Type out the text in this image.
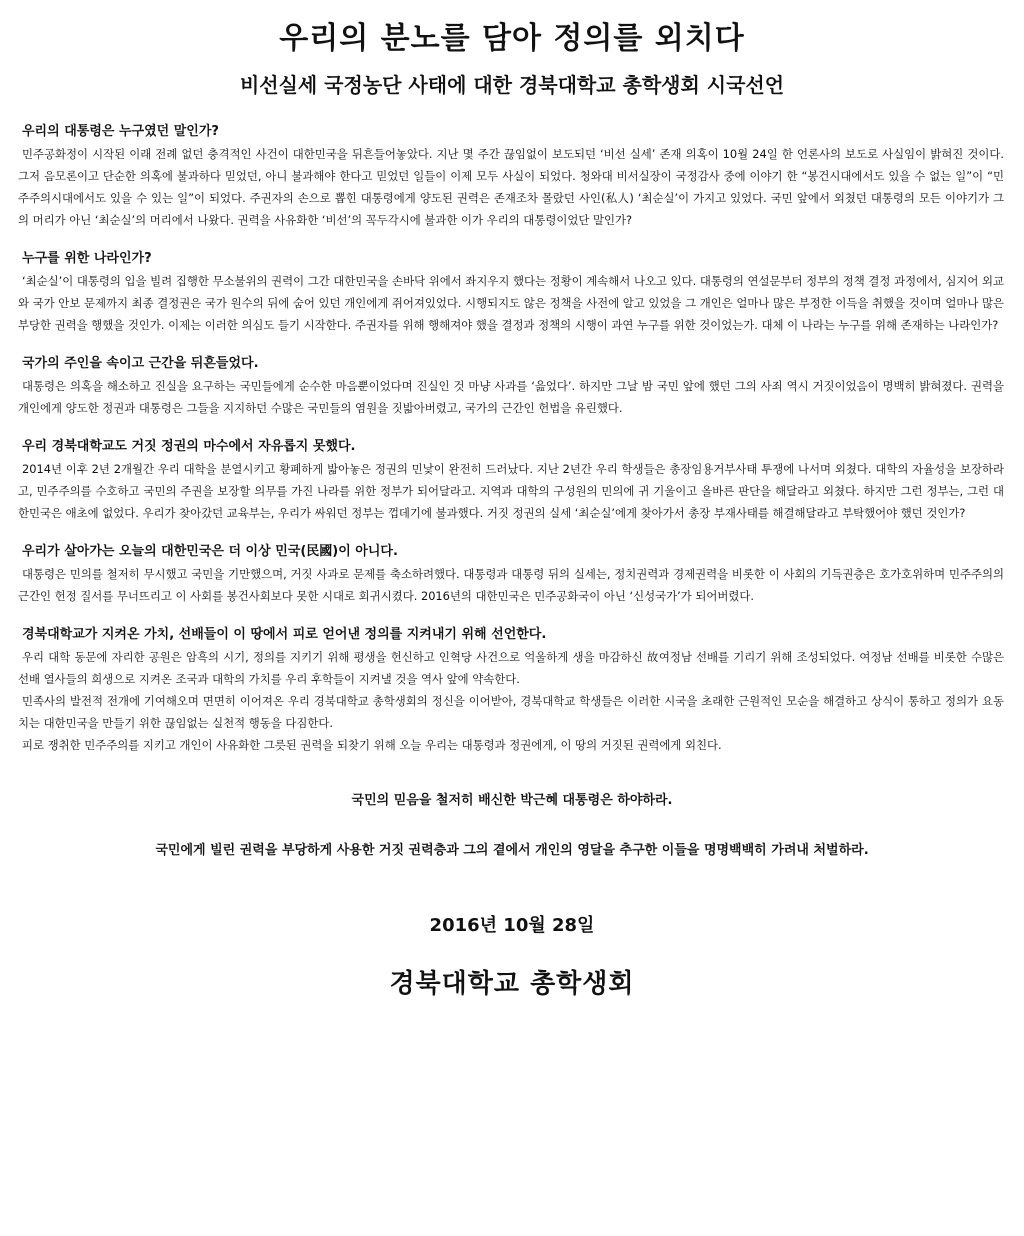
우리의 분노를 담아 정의를 외치다
비선실세 국정농단 사태에 대한 경북대학교 총학생회 시국선언
우리의 대통령은 누구였던 말인가?

민주공화정이 시작된 이래 전례 없던 충격적인 사건이 대한민국을 뒤흔들어놓았다. 지난 몇 주간 끊임없이 보도되던 ‘비선 실세’ 존재 의혹이 10월 24일 한 언론사의 보도로 사실임이 밝혀진 것이다. 그저 음모론이고 단순한 의혹에 불과하다 믿었던, 아니 불과해야 한다고 믿었던 일들이 이제 모두 사실이 되었다. 청와대 비서실장이 국정감사 중에 이야기 한 “봉건시대에서도 있을 수 없는 일”이 “민주주의시대에서도 있을 수 있는 일”이 되었다. 주권자의 손으로 뽑힌 대통령에게 양도된 권력은 존재조차 몰랐던 사인(私人) ‘최순실’이 가지고 있었다. 국민 앞에서 외쳤던 대통령의 모든 이야기가 그의 머리가 아닌 ‘최순실’의 머리에서 나왔다. 권력을 사유화한 ‘비선’의 꼭두각시에 불과한 이가 우리의 대통령이었단 말인가?

누구를 위한 나라인가?

‘최순실’이 대통령의 입을 빌려 집행한 무소불위의 권력이 그간 대한민국을 손바닥 위에서 좌지우지 했다는 정황이 계속해서 나오고 있다. 대통령의 연설문부터 정부의 정책 결정 과정에서, 심지어 외교와 국가 안보 문제까지 최종 결정권은 국가 원수의 뒤에 숨어 있던 개인에게 쥐어져있었다. 시행되지도 않은 정책을 사전에 알고 있었을 그 개인은 얼마나 많은 부정한 이득을 취했을 것이며 얼마나 많은 부당한 권력을 행했을 것인가. 이제는 이러한 의심도 들기 시작한다. 주권자를 위해 행해져야 했을 결정과 정책의 시행이 과연 누구를 위한 것이었는가. 대체 이 나라는 누구를 위해 존재하는 나라인가?

국가의 주인을 속이고 근간을 뒤흔들었다.

대통령은 의혹을 해소하고 진실을 요구하는 국민들에게 순수한 마음뿐이었다며 진실인 것 마냥 사과를 ‘읊었다’. 하지만 그날 밤 국민 앞에 했던 그의 사죄 역시 거짓이었음이 명백히 밝혀졌다. 권력을 개인에게 양도한 정권과 대통령은 그들을 지지하던 수많은 국민들의 염원을 짓밟아버렸고, 국가의 근간인 헌법을 유린했다.

우리 경북대학교도 거짓 정권의 마수에서 자유롭지 못했다.

2014년 이후 2년 2개월간 우리 대학을 분열시키고 황폐하게 밟아놓은 정권의 민낯이 완전히 드러났다. 지난 2년간 우리 학생들은 총장임용거부사태 투쟁에 나서며 외쳤다. 대학의 자율성을 보장하라고, 민주주의를 수호하고 국민의 주권을 보장할 의무를 가진 나라를 위한 정부가 되어달라고. 지역과 대학의 구성원의 민의에 귀 기울이고 올바른 판단을 해달라고 외쳤다. 하지만 그런 정부는, 그런 대한민국은 애초에 없었다. 우리가 찾아갔던 교육부는, 우리가 싸워던 정부는 껍데기에 불과했다. 거짓 정권의 실세 ‘최순실’에게 찾아가서 총장 부재사태를 해결해달라고 부탁했어야 했던 것인가?

우리가 살아가는 오늘의 대한민국은 더 이상 민국(民國)이 아니다.

대통령은 민의를 철저히 무시했고 국민을 기만했으며, 거짓 사과로 문제를 축소하려했다. 대통령과 대통령 뒤의 실세는, 정치권력과 경제권력을 비롯한 이 사회의 기득권층은 호가호위하며 민주주의의 근간인 헌정 질서를 무너뜨리고 이 사회를 봉건사회보다 못한 시대로 회귀시켰다. 2016년의 대한민국은 민주공화국이 아닌 ‘신성국가’가 되어버렸다.

경북대학교가 지켜온 가치, 선배들이 이 땅에서 피로 얻어낸 정의를 지켜내기 위해 선언한다.

우리 대학 동문에 자리한 공원은 암흑의 시기, 정의를 지키기 위해 평생을 헌신하고 인혁당 사건으로 억울하게 생을 마감하신 故여정남 선배를 기리기 위해 조성되었다. 여정남 선배를 비롯한 수많은 선배 열사들의 희생으로 지켜온 조국과 대학의 가치를 우리 후학들이 지켜낼 것을 역사 앞에 약속한다.

민족사의 발전적 전개에 기여해오며 면면히 이어져온 우리 경북대학교 총학생회의 정신을 이어받아, 경북대학교 학생들은 이러한 시국을 초래한 근원적인 모순을 해결하고 상식이 통하고 정의가 요동치는 대한민국을 만들기 위한 끊임없는 실천적 행동을 다짐한다.

피로 쟁취한 민주주의를 지키고 개인이 사유화한 그릇된 권력을 되찾기 위해 오늘 우리는 대통령과 정권에게, 이 땅의 거짓된 권력에게 외친다.

국민의 믿음을 철저히 배신한 박근혜 대통령은 하야하라.
국민에게 빌린 권력을 부당하게 사용한 거짓 권력층과 그의 곁에서 개인의 영달을 추구한 이들을 명명백백히 가려내 처벌하라.
2016년 10월 28일
경북대학교 총학생회
